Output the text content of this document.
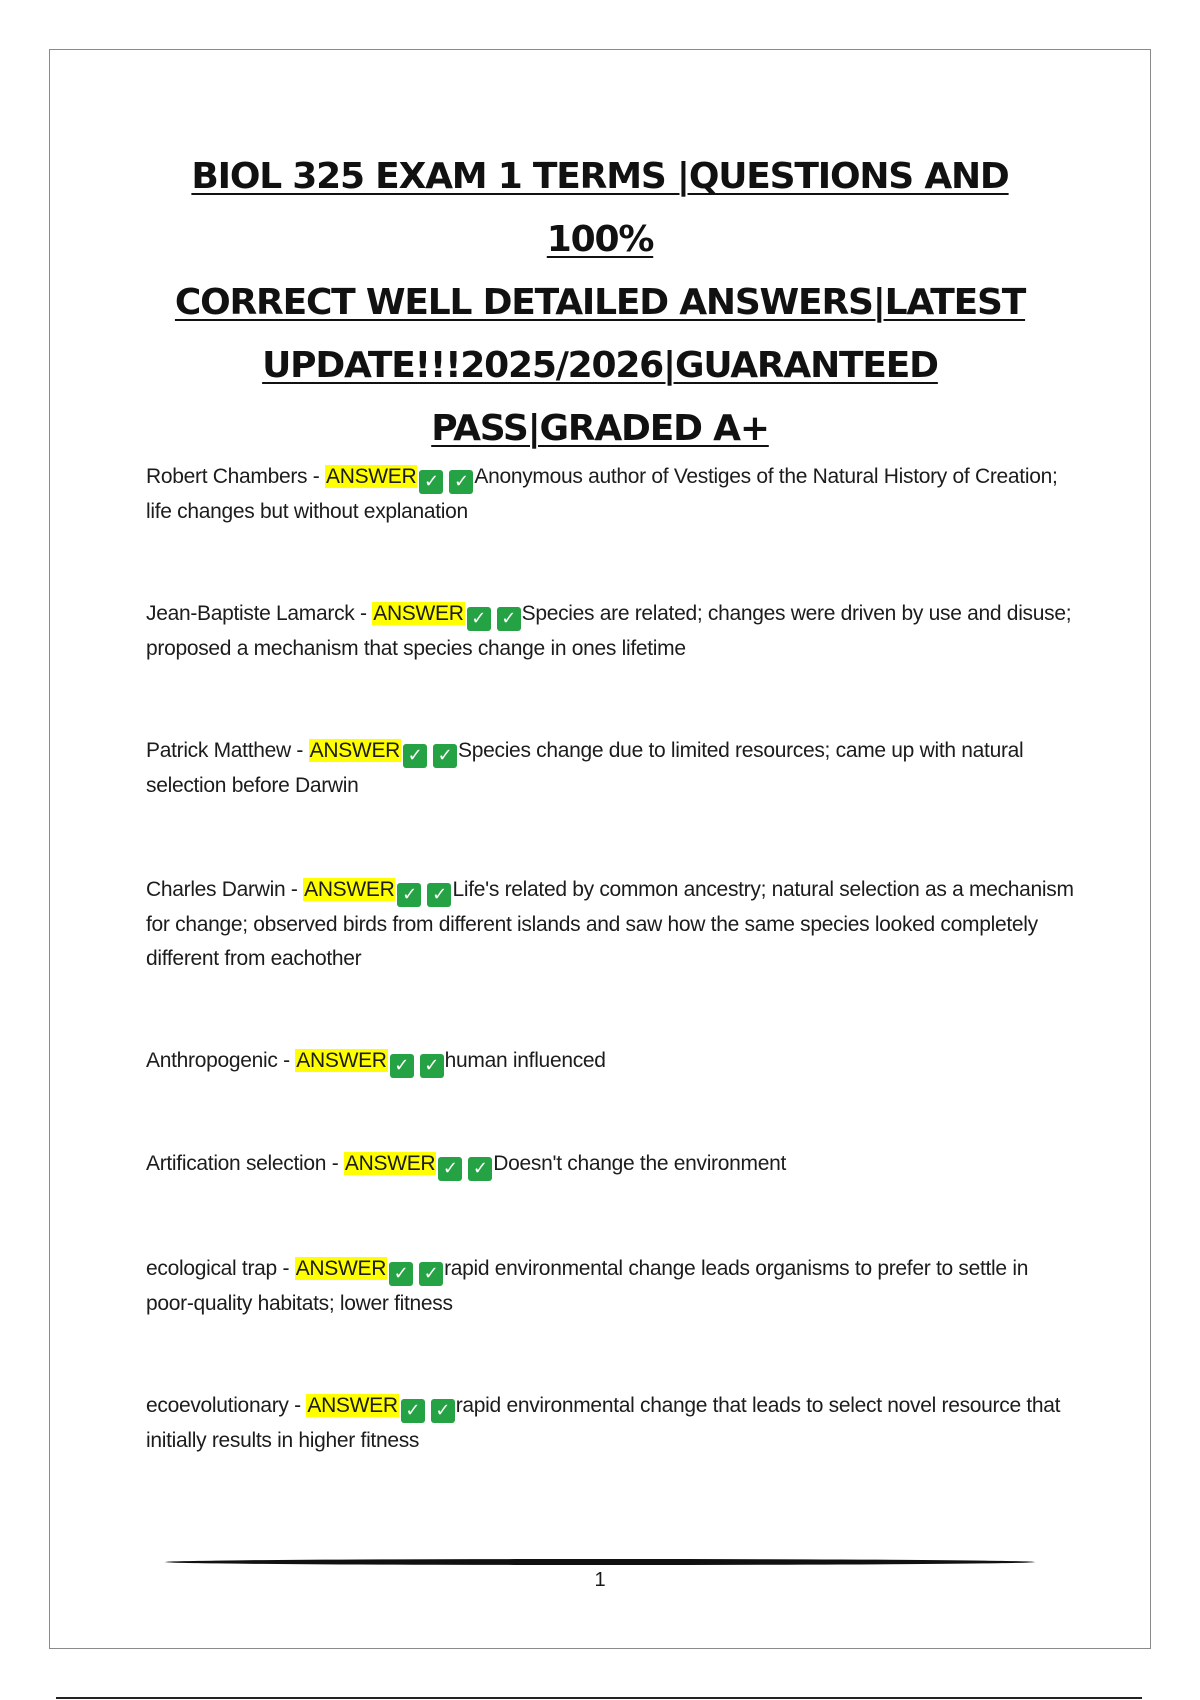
BIOL 325 EXAM 1 TERMS |QUESTIONS AND 100%
CORRECT WELL DETAILED ANSWERS|LATEST
UPDATE!!!2025/2026|GUARANTEED
PASS|GRADED A+
Robert Chambers - ANSWER ✓ ✓ Anonymous author of Vestiges of the Natural History of Creation; life changes but without explanation
Jean-Baptiste Lamarck - ANSWER ✓ ✓ Species are related; changes were driven by use and disuse; proposed a mechanism that species change in ones lifetime
Patrick Matthew - ANSWER ✓ ✓ Species change due to limited resources; came up with natural selection before Darwin
Charles Darwin - ANSWER ✓ ✓ Life's related by common ancestry; natural selection as a mechanism for change; observed birds from different islands and saw how the same species looked completely different from eachother
Anthropogenic - ANSWER ✓ ✓ human influenced
Artification selection - ANSWER ✓ ✓ Doesn't change the environment
ecological trap - ANSWER ✓ ✓ rapid environmental change leads organisms to prefer to settle in poor-quality habitats; lower fitness
ecoevolutionary - ANSWER ✓ ✓ rapid environmental change that leads to select novel resource that initially results in higher fitness
1
